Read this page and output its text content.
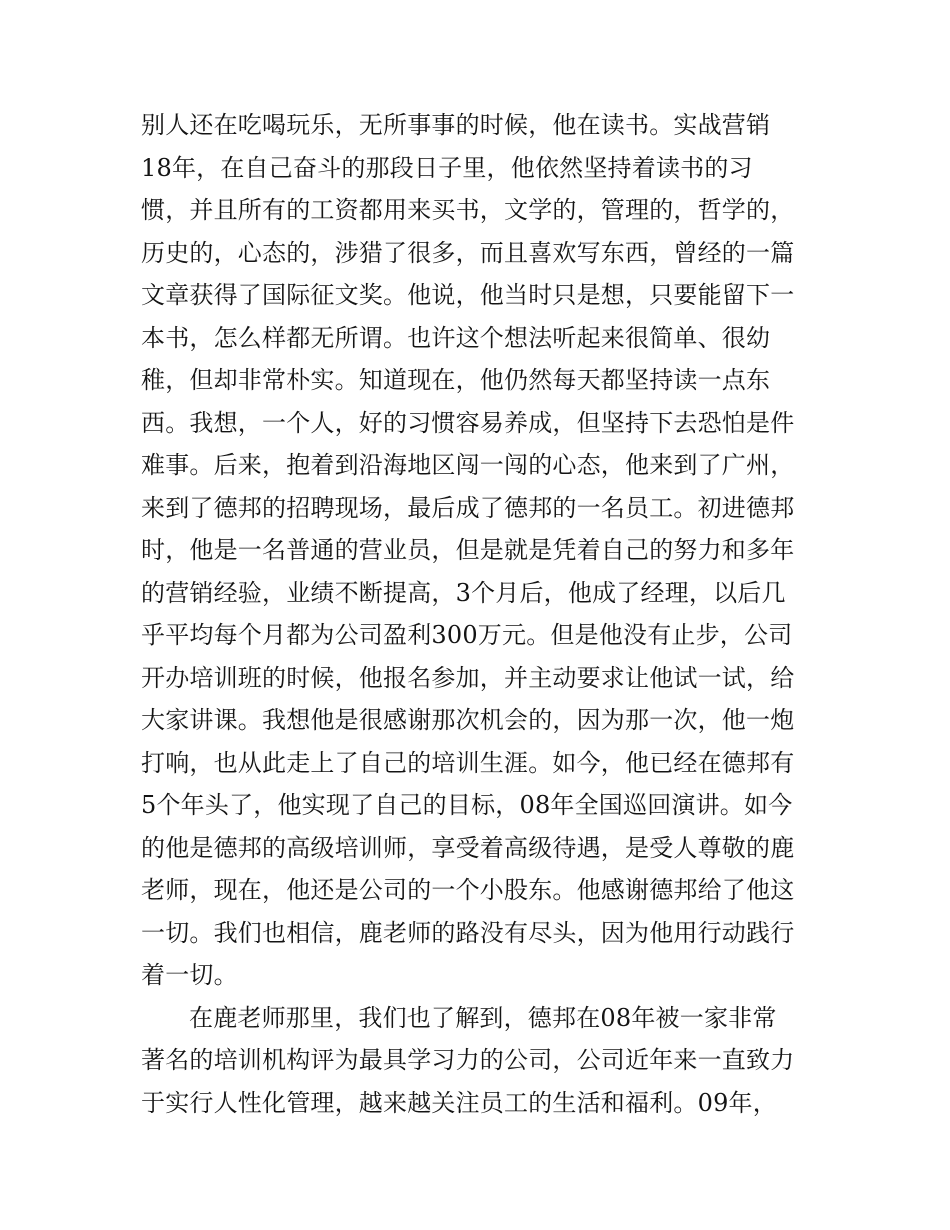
别人还在吃喝玩乐，无所事事的时候，他在读书。实战营销
18年，在自己奋斗的那段日子里，他依然坚持着读书的习
惯，并且所有的工资都用来买书，文学的，管理的，哲学的，
历史的，心态的，涉猎了很多，而且喜欢写东西，曾经的一篇
文章获得了国际征文奖。他说，他当时只是想，只要能留下一
本书，怎么样都无所谓。也许这个想法听起来很简单、很幼
稚，但却非常朴实。知道现在，他仍然每天都坚持读一点东
西。我想，一个人，好的习惯容易养成，但坚持下去恐怕是件
难事。后来，抱着到沿海地区闯一闯的心态，他来到了广州，
来到了德邦的招聘现场，最后成了德邦的一名员工。初进德邦
时，他是一名普通的营业员，但是就是凭着自己的努力和多年
的营销经验，业绩不断提高，3个月后，他成了经理，以后几
乎平均每个月都为公司盈利300万元。但是他没有止步，公司
开办培训班的时候，他报名参加，并主动要求让他试一试，给
大家讲课。我想他是很感谢那次机会的，因为那一次，他一炮
打响，也从此走上了自己的培训生涯。如今，他已经在德邦有
5个年头了，他实现了自己的目标，08年全国巡回演讲。如今
的他是德邦的高级培训师，享受着高级待遇，是受人尊敬的鹿
老师，现在，他还是公司的一个小股东。他感谢德邦给了他这
一切。我们也相信，鹿老师的路没有尽头，因为他用行动践行
着一切。
在鹿老师那里，我们也了解到，德邦在08年被一家非常
著名的培训机构评为最具学习力的公司，公司近年来一直致力
于实行人性化管理，越来越关注员工的生活和福利。09年，
